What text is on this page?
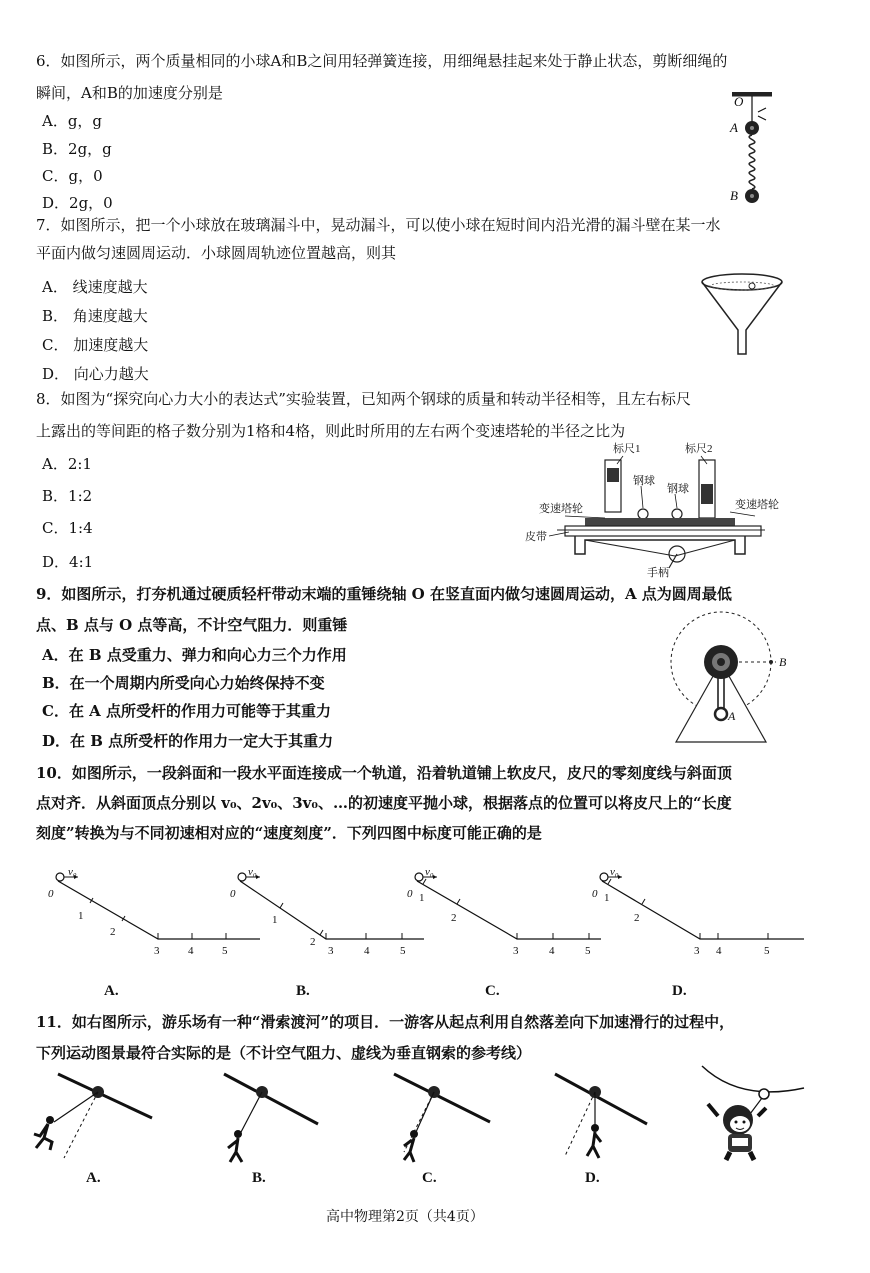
6．如图所示，两个质量相同的小球A和B之间用轻弹簧连接，用细绳悬挂起来处于静止状态，剪断细绳的
瞬间，A和B的加速度分别是
A．g，g
B．2g，g
C．g，0
D．2g，0
O
A
B
7．如图所示，把一个小球放在玻璃漏斗中，晃动漏斗，可以使小球在短时间内沿光滑的漏斗壁在某一水
平面内做匀速圆周运动．小球圆周轨迹位置越高，则其
A． 线速度越大
B． 角速度越大
C． 加速度越大
D． 向心力越大
8．如图为“探究向心力大小的表达式”实验装置，已知两个钢球的质量和转动半径相等，且左右标尺
上露出的等间距的格子数分别为1格和4格，则此时所用的左右两个变速塔轮的半径之比为
A．2:1
B．1:2
C．1:4
D．4:1
标尺1	标尺2
钢球
钢球
变速塔轮	变速塔轮
皮带
手柄
9．如图所示，打夯机通过硬质轻杆带动末端的重锤绕轴 O 在竖直面内做匀速圆周运动，A 点为圆周最低
点、B 点与 O 点等高，不计空气阻力．则重锤
A．在 B 点受重力、弹力和向心力三个力作用
B．在一个周期内所受向心力始终保持不变
C．在 A 点所受杆的作用力可能等于其重力
D．在 B 点所受杆的作用力一定大于其重力
B
A
10．如图所示，一段斜面和一段水平面连接成一个轨道，沿着轨道铺上软皮尺，皮尺的零刻度线与斜面顶
点对齐．从斜面顶点分别以 v₀、2v₀、3v₀、…的初速度平抛小球，根据落点的位置可以将皮尺上的“长度
刻度”转换为与不同初速相对应的“速度刻度”．下列四图中标度可能正确的是
v₀
0
1
2
3	4	5
A.
v₀
0
1
2
3	4	5
B.
v₀
0 1
2
3	4	5
C.
v₀
0 1
2
3 4	5
D.
11．如右图所示，游乐场有一种“滑索渡河”的项目．一游客从起点利用自然落差向下加速滑行的过程中，
下列运动图景最符合实际的是（不计空气阻力、虚线为垂直钢索的参考线）
A.	B.	C.	D.
高中物理第2页（共4页）
